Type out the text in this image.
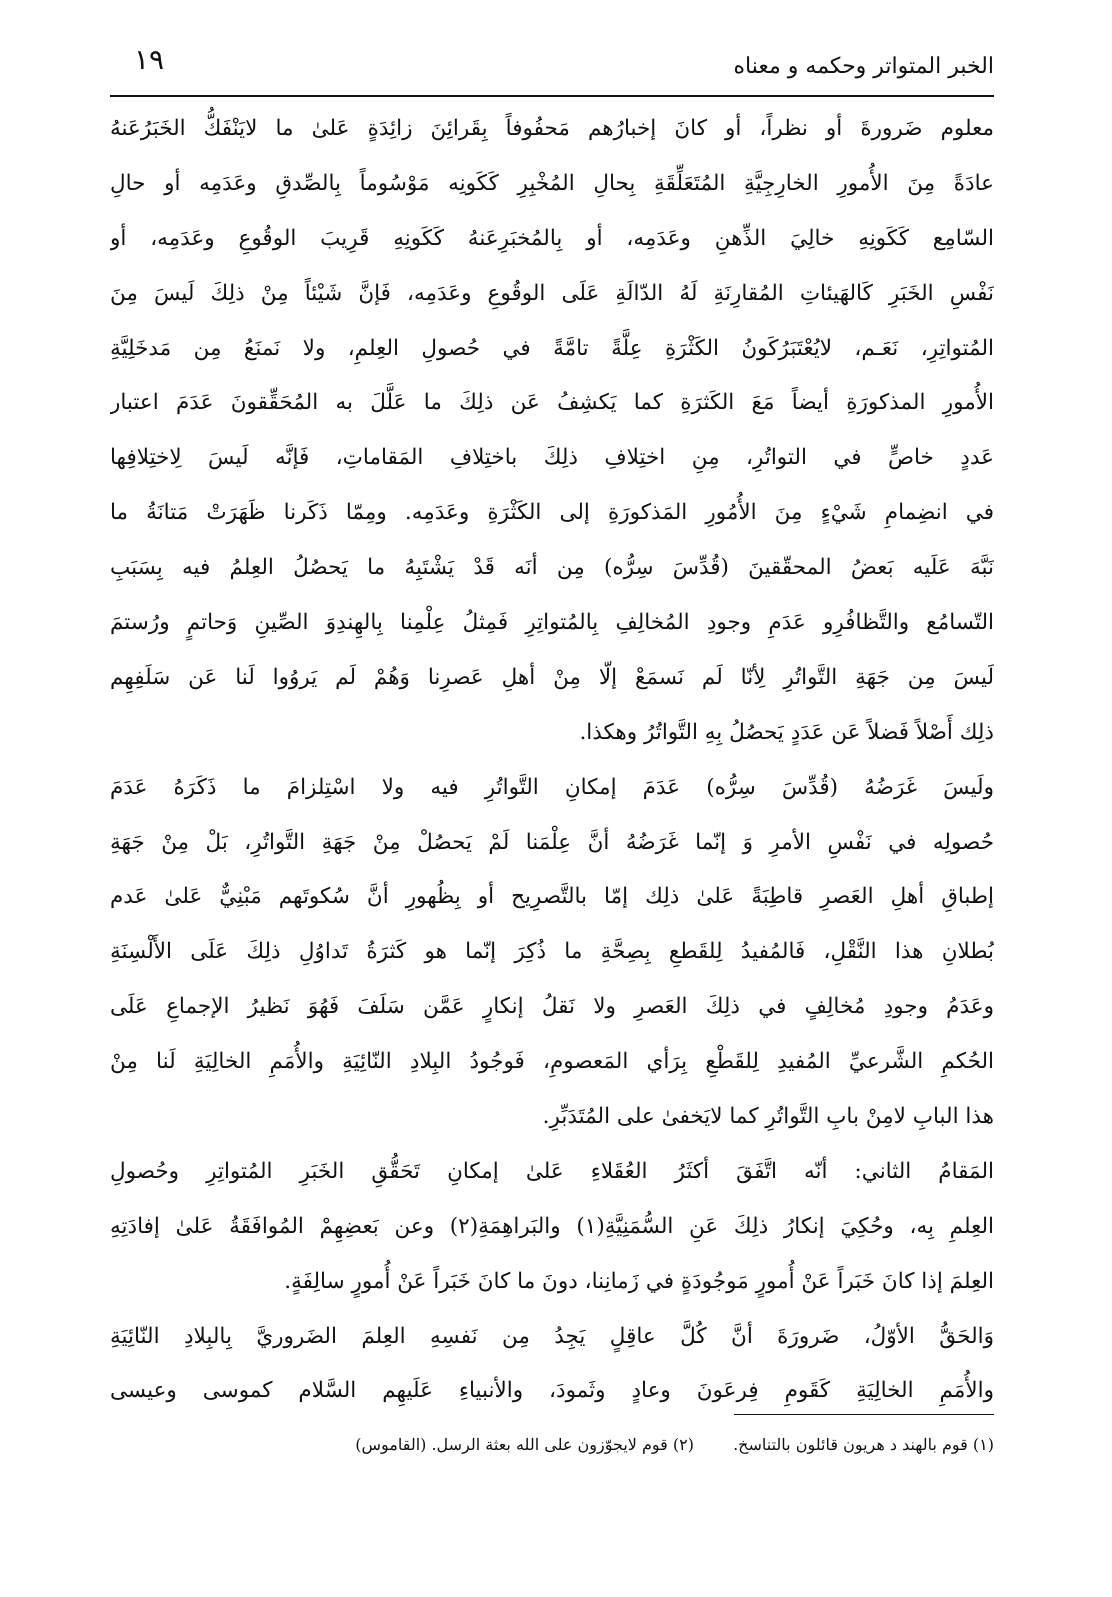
الخبر المتواتر وحكمه و معناه
١٩
معلوم ضَرورةَ أو نظراً، أو كانَ إخبارُهم مَحفُوفاً بِقَرائِنَ زائِدَةٍ عَلىٰ ما لايَنْفَكُّ الخَبَرُعَنهُ
عادَةً مِنَ الأُمورِ الخارِجِيَّةِ المُتَعَلِّقَةِ بِحالِ المُخْبِرِ كَكَونِه مَوْسُوماً بِالصِّدقِ وعَدَمِه أو حالِ
السّامِع كَكَونِهِ خالِيَ الذِّهنِ وعَدَمِه، أو بِالمُخبَرِعَنهُ كَكَونِهِ قَرِيبَ الوقُوعِ وعَدَمِه، أو
نَفْسِ الخَبَرِ كَالهَيئاتِ المُقارِنَةِ لَهُ الدّالَةِ عَلَى الوقُوعِ وعَدَمِه، فَإنَّ شَيْئاً مِنْ ذلِكَ لَيسَ مِنَ
المُتواتِرِ، نَعَـم، لايُعْتَبَرُكَونُ الكَثْرَةِ عِلَّةً تامَّةً في حُصولِ العِلمِ، ولا نَمنَعُ مِن مَدخَلِيَّةِ
الأُمورِ المذكورَةِ أيضاً مَعَ الكَثرَةِ كما يَكشِفُ عَن ذلِكَ ما عَلَّلَ به المُحَقِّقونَ عَدَمَ اعتبار
عَددٍ خاصٍّ في التواتُرِ، مِنِ اختِلافِ ذلِكَ باختِلافِ المَقاماتِ، فَإنَّه لَيسَ لِاختِلافِها
في انضِمامِ شَيْءٍ مِنَ الأُمُورِ المَذكورَةِ إلى الكَثْرَةِ وعَدَمِه. ومِمّا ذَكَرنا ظَهَرَتْ مَتانَةُ ما
نَبَّهَ عَلَيه بَعضُ المحقّقينَ (قُدِّسَ سِرُّه) مِن أنَه قَدْ يَشْتَبِهُ ما يَحصُلُ العِلمُ فيه بِسَبَبِ
التّسامُع والتَّظافُرِو عَدَمِ وجودِ المُخالِفِ بِالمُتواتِرِ فَمِثلُ عِلْمِنا بِالهِندِوَ الصِّينِ وَحاتمٍ ورُستمَ
لَيسَ مِن جَهَةِ التَّواتُرِ لِأنّا لَم نَسمَعْ إلّا مِنْ أهلِ عَصرِنا وَهُمْ لَم يَروُوا لَنا عَن سَلَفِهِم
ذلِك أَصْلاً فَضلاً عَن عَدَدٍ يَحصُلُ بِهِ التَّواتُرُ وهكذا.
ولَيسَ غَرَضُهُ (قُدِّسَ سِرُّه) عَدَمَ إمكانِ التَّواتُرِ فيه ولا اسْتِلزامَ ما ذَكَرَهُ عَدَمَ
حُصولِه في نَفْسِ الأمرِ وَ إنّما غَرَضُهُ أنَّ عِلْمَنا لَمْ يَحصُلْ مِنْ جَهَةِ التَّواتُرِ، بَلْ مِنْ جَهَةِ
إطباقِ أهلِ العَصرِ قاطِبَةً عَلىٰ ذلِك إمّا بالتَّصرِيح أو بِظُهورِ أنَّ سُكوتَهم مَبْنِيٌّ عَلىٰ عَدم
بُطلانِ هذا النَّقْلِ، فَالمُفيدُ لِلقَطعِ بِصِحَّةِ ما ذُكِرَ إنّما هو كَثرَةُ تَداوُلِ ذلِكَ عَلَى الأَلْسِنَةِ
وعَدَمُ وجودِ مُخالِفٍ في ذلِكَ العَصرِ ولا نَقلُ إنكارٍ عَمَّن سَلَفَ فَهُوَ نَظيرُ الإجماعِ عَلَى
الحُكمِ الشَّرعيِّ المُفيدِ لِلقَطْعِ بِرَأي المَعصومِ، فَوجُودُ البِلادِ النّائِيَةِ والأُمَمِ الخالِيَةِ لَنا مِنْ
هذا البابِ لامِنْ بابِ التَّواتُرِ كما لايَخفىٰ على المُتَدَبِّرِ.
المَقامُ الثاني: أنّه اتَّفَقَ أكثَرُ العُقَلاءِ عَلىٰ إمكانِ تَحَقُّقِ الخَبَرِ المُتواتِرِ وحُصولِ
العِلمِ بِه، وحُكِيَ إنكارُ ذلِكَ عَنِ السُّمَنِيَّةِ(١) والبَراهِمَةِ(٢) وعن بَعضِهِمْ المُوافَقَةُ عَلىٰ إفادَتِهِ
العِلمَ إذا كانَ خَبَراً عَنْ أُمورٍ مَوجُودَةٍ في زَمانِنا، دونَ ما كانَ خَبَراً عَنْ أُمورٍ سالِفَةٍ.
وَالحَقُّ الأوّلُ، ضَرورَةَ أنَّ كُلَّ عاقِلٍ يَجِدُ مِن نَفسِهِ العِلمَ الضَروريَّ بِالبِلادِ النّائِيَةِ
والأُمَمِ الخالِيَةِ كَقَومِ فِرعَونَ وعادٍ وثَمودَ، والأنبياءِ عَلَيهِم السَّلام كموسى وعيسى
(١) قوم بالهند د هريون قائلون بالتناسخ. (٢) قوم لايجوّزون على الله بعثة الرسل. (القاموس)
